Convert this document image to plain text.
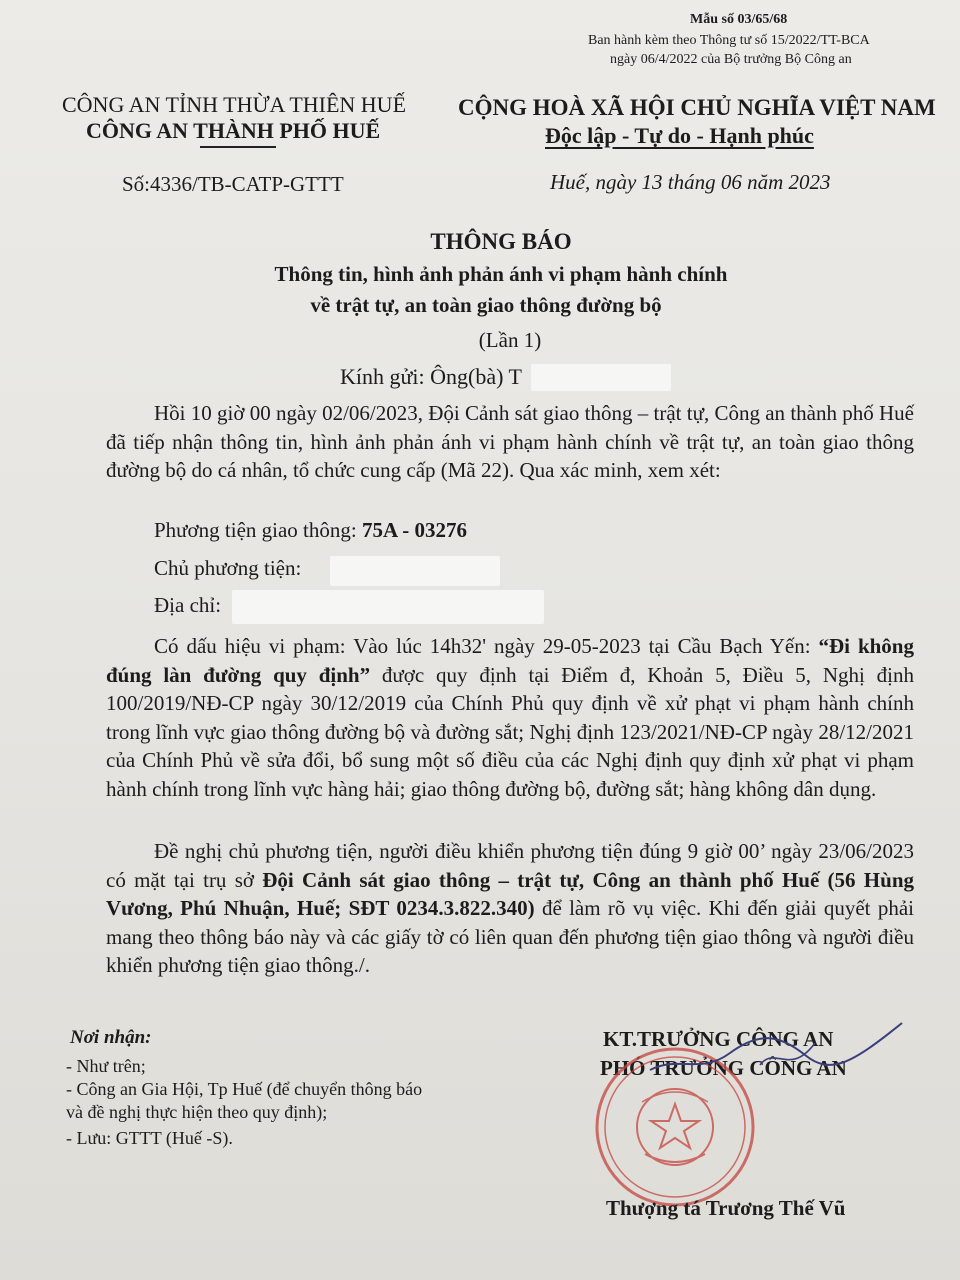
Mẫu số 03/65/68
Ban hành kèm theo Thông tư số 15/2022/TT-BCA
ngày 06/4/2022 của Bộ trưởng Bộ Công an
CÔNG AN TỈNH THỪA THIÊN HUẾ
CÔNG AN THÀNH PHỐ HUẾ
CỘNG HOÀ XÃ HỘI CHỦ NGHĨA VIỆT NAM
Độc lập - Tự do - Hạnh phúc
Số:4336/TB-CATP-GTTT	Huế, ngày 13 tháng 06 năm 2023
THÔNG BÁO
Thông tin, hình ảnh phản ánh vi phạm hành chính
về trật tự, an toàn giao thông đường bộ
(Lần 1)
Kính gửi: Ông(bà) T
Hồi 10 giờ 00 ngày 02/06/2023, Đội Cảnh sát giao thông – trật tự, Công an thành phố Huế đã tiếp nhận thông tin, hình ảnh phản ánh vi phạm hành chính về trật tự, an toàn giao thông đường bộ do cá nhân, tổ chức cung cấp (Mã 22). Qua xác minh, xem xét:
Phương tiện giao thông: 75A - 03276
Chủ phương tiện:
Địa chỉ:
Có dấu hiệu vi phạm: Vào lúc 14h32' ngày 29-05-2023 tại Cầu Bạch Yến: “Đi không đúng làn đường quy định” được quy định tại Điểm đ, Khoản 5, Điều 5, Nghị định 100/2019/NĐ-CP ngày 30/12/2019 của Chính Phủ quy định về xử phạt vi phạm hành chính trong lĩnh vực giao thông đường bộ và đường sắt; Nghị định 123/2021/NĐ-CP ngày 28/12/2021 của Chính Phủ về sửa đổi, bổ sung một số điều của các Nghị định quy định xử phạt vi phạm hành chính trong lĩnh vực hàng hải; giao thông đường bộ, đường sắt; hàng không dân dụng.
Đề nghị chủ phương tiện, người điều khiển phương tiện đúng 9 giờ 00’ ngày 23/06/2023 có mặt tại trụ sở Đội Cảnh sát giao thông – trật tự, Công an thành phố Huế (56 Hùng Vương, Phú Nhuận, Huế; SĐT 0234.3.822.340) để làm rõ vụ việc. Khi đến giải quyết phải mang theo thông báo này và các giấy tờ có liên quan đến phương tiện giao thông và người điều khiển phương tiện giao thông./.
Nơi nhận:
- Như trên;
- Công an Gia Hội, Tp Huế (để chuyển thông báo
và đề nghị thực hiện theo quy định);
- Lưu: GTTT (Huế -S).
KT.TRƯỞNG CÔNG AN
PHÓ TRƯỞNG CÔNG AN
Thượng tá Trương Thế Vũ
